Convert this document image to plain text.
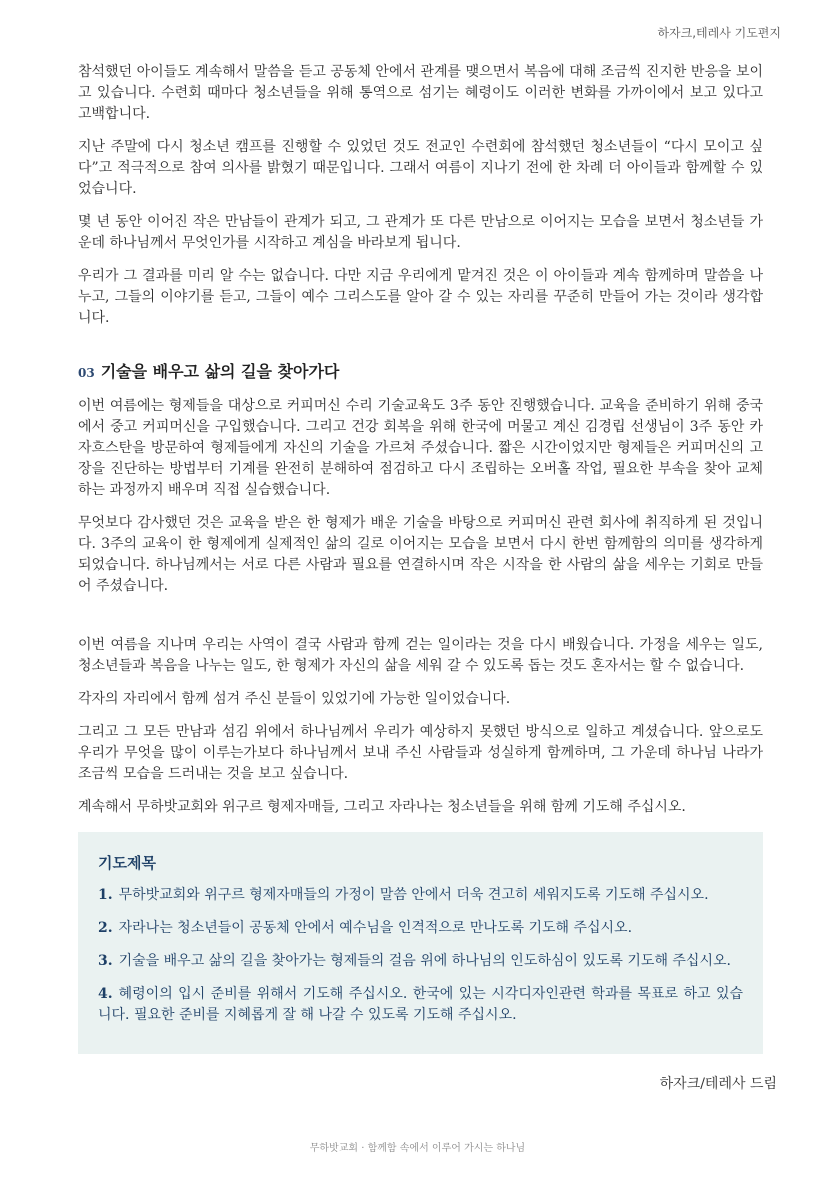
하자크,테레사 기도편지

참석했던 아이들도 계속해서 말씀을 듣고 공동체 안에서 관계를 맺으면서 복음에 대해 조금씩 진지한 반응을 보이고 있습니다. 수련회 때마다 청소년들을 위해 통역으로 섬기는 혜령이도 이러한 변화를 가까이에서 보고 있다고 고백합니다.

지난 주말에 다시 청소년 캠프를 진행할 수 있었던 것도 전교인 수련회에 참석했던 청소년들이 “다시 모이고 싶다”고 적극적으로 참여 의사를 밝혔기 때문입니다. 그래서 여름이 지나기 전에 한 차례 더 아이들과 함께할 수 있었습니다.

몇 년 동안 이어진 작은 만남들이 관계가 되고, 그 관계가 또 다른 만남으로 이어지는 모습을 보면서 청소년들 가운데 하나님께서 무엇인가를 시작하고 계심을 바라보게 됩니다.

우리가 그 결과를 미리 알 수는 없습니다. 다만 지금 우리에게 맡겨진 것은 이 아이들과 계속 함께하며 말씀을 나누고, 그들의 이야기를 듣고, 그들이 예수 그리스도를 알아 갈 수 있는 자리를 꾸준히 만들어 가는 것이라 생각합니다.

03 기술을 배우고 삶의 길을 찾아가다

이번 여름에는 형제들을 대상으로 커피머신 수리 기술교육도 3주 동안 진행했습니다. 교육을 준비하기 위해 중국에서 중고 커피머신을 구입했습니다. 그리고 건강 회복을 위해 한국에 머물고 계신 김경립 선생님이 3주 동안 카자흐스탄을 방문하여 형제들에게 자신의 기술을 가르쳐 주셨습니다. 짧은 시간이었지만 형제들은 커피머신의 고장을 진단하는 방법부터 기계를 완전히 분해하여 점검하고 다시 조립하는 오버홀 작업, 필요한 부속을 찾아 교체하는 과정까지 배우며 직접 실습했습니다.

무엇보다 감사했던 것은 교육을 받은 한 형제가 배운 기술을 바탕으로 커피머신 관련 회사에 취직하게 된 것입니다. 3주의 교육이 한 형제에게 실제적인 삶의 길로 이어지는 모습을 보면서 다시 한번 함께함의 의미를 생각하게 되었습니다. 하나님께서는 서로 다른 사람과 필요를 연결하시며 작은 시작을 한 사람의 삶을 세우는 기회로 만들어 주셨습니다.

이번 여름을 지나며 우리는 사역이 결국 사람과 함께 걷는 일이라는 것을 다시 배웠습니다. 가정을 세우는 일도, 청소년들과 복음을 나누는 일도, 한 형제가 자신의 삶을 세워 갈 수 있도록 돕는 것도 혼자서는 할 수 없습니다.

각자의 자리에서 함께 섬겨 주신 분들이 있었기에 가능한 일이었습니다.

그리고 그 모든 만남과 섬김 위에서 하나님께서 우리가 예상하지 못했던 방식으로 일하고 계셨습니다. 앞으로도 우리가 무엇을 많이 이루는가보다 하나님께서 보내 주신 사람들과 성실하게 함께하며, 그 가운데 하나님 나라가 조금씩 모습을 드러내는 것을 보고 싶습니다.

계속해서 무하밧교회와 위구르 형제자매들, 그리고 자라나는 청소년들을 위해 함께 기도해 주십시오.

기도제목

1. 무하밧교회와 위구르 형제자매들의 가정이 말씀 안에서 더욱 견고히 세워지도록 기도해 주십시오.

2. 자라나는 청소년들이 공동체 안에서 예수님을 인격적으로 만나도록 기도해 주십시오.

3. 기술을 배우고 삶의 길을 찾아가는 형제들의 걸음 위에 하나님의 인도하심이 있도록 기도해 주십시오.

4. 혜령이의 입시 준비를 위해서 기도해 주십시오. 한국에 있는 시각디자인관련 학과를 목표로 하고 있습니다. 필요한 준비를 지혜롭게 잘 해 나갈 수 있도록 기도해 주십시오.

하자크/테레사 드림
무하밧교회 · 함께함 속에서 이루어 가시는 하나님
